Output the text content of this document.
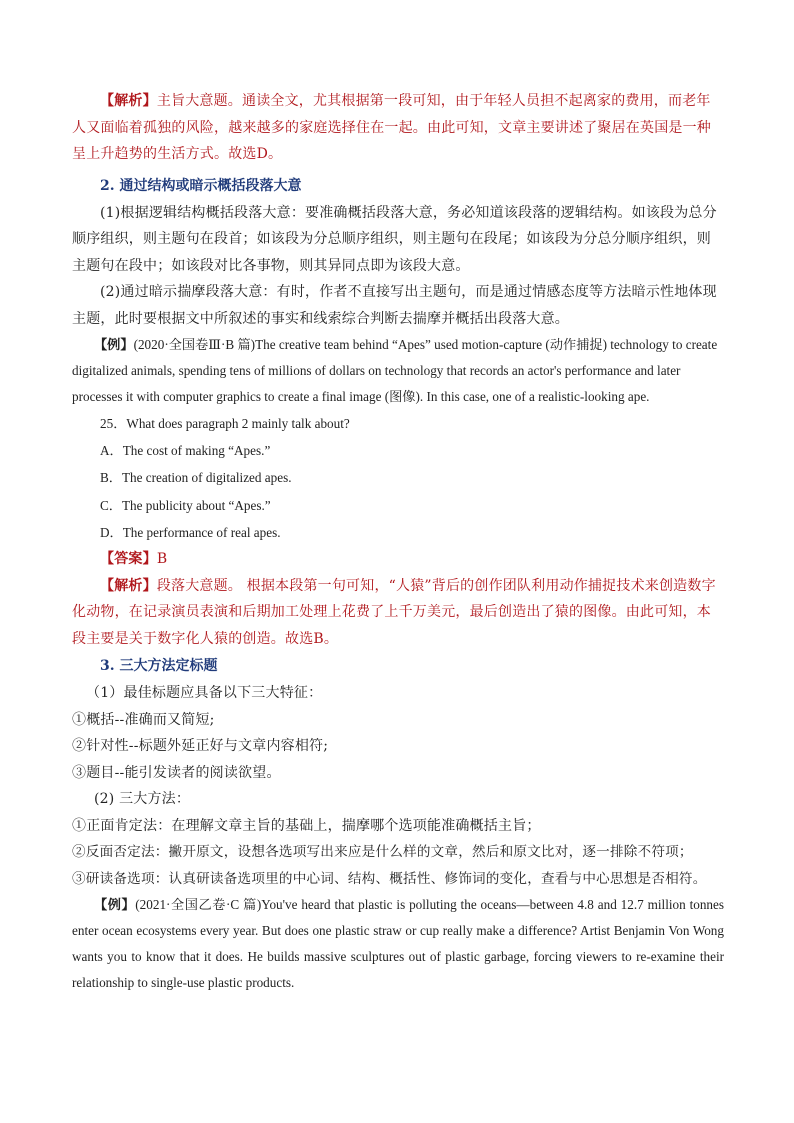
【解析】主旨大意题。通读全文，尤其根据第一段可知，由于年轻人员担不起离家的费用，而老年人又面临着孤独的风险，越来越多的家庭选择住在一起。由此可知，文章主要讲述了聚居在英国是一种呈上升趋势的生活方式。故选D。

2. 通过结构或暗示概括段落大意

(1)根据逻辑结构概括段落大意：要准确概括段落大意，务必知道该段落的逻辑结构。如该段为总分顺序组织，则主题句在段首；如该段为分总顺序组织，则主题句在段尾；如该段为分总分顺序组织，则主题句在段中；如该段对比各事物，则其异同点即为该段大意。

(2)通过暗示揣摩段落大意：有时，作者不直接写出主题句，而是通过情感态度等方法暗示性地体现主题，此时要根据文中所叙述的事实和线索综合判断去揣摩并概括出段落大意。

【例】(2020·全国卷Ⅲ·B 篇)The creative team behind “Apes” used motion-capture (动作捕捉) technology to create digitalized animals, spending tens of millions of dollars on technology that records an actor's performance and later processes it with computer graphics to create a final image (图像). In this case, one of a realistic-looking ape.

25．What does paragraph 2 mainly talk about?

A．The cost of making “Apes.”

B．The creation of digitalized apes.

C．The publicity about “Apes.”

D．The performance of real apes.

【答案】B

【解析】段落大意题。 根据本段第一句可知，“人猿”背后的创作团队利用动作捕捉技术来创造数字化动物，在记录演员表演和后期加工处理上花费了上千万美元，最后创造出了猿的图像。由此可知，本段主要是关于数字化人猿的创造。故选B。

3. 三大方法定标题

（1）最佳标题应具备以下三大特征：

①概括--准确而又简短;

②针对性--标题外延正好与文章内容相符;

③题目--能引发读者的阅读欲望。

(2) 三大方法：

①正面肯定法：在理解文章主旨的基础上，揣摩哪个选项能准确概括主旨；

②反面否定法：撇开原文，设想各选项写出来应是什么样的文章，然后和原文比对，逐一排除不符项；

③研读备选项：认真研读备选项里的中心词、结构、概括性、修饰词的变化，查看与中心思想是否相符。

【例】(2021·全国乙卷·C 篇)You've heard that plastic is polluting the oceans—between 4.8 and 12.7 million tonnes enter ocean ecosystems every year. But does one plastic straw or cup really make a difference? Artist Benjamin Von Wong wants you to know that it does. He builds massive sculptures out of plastic garbage, forcing viewers to re-examine their relationship to single-use plastic products.
